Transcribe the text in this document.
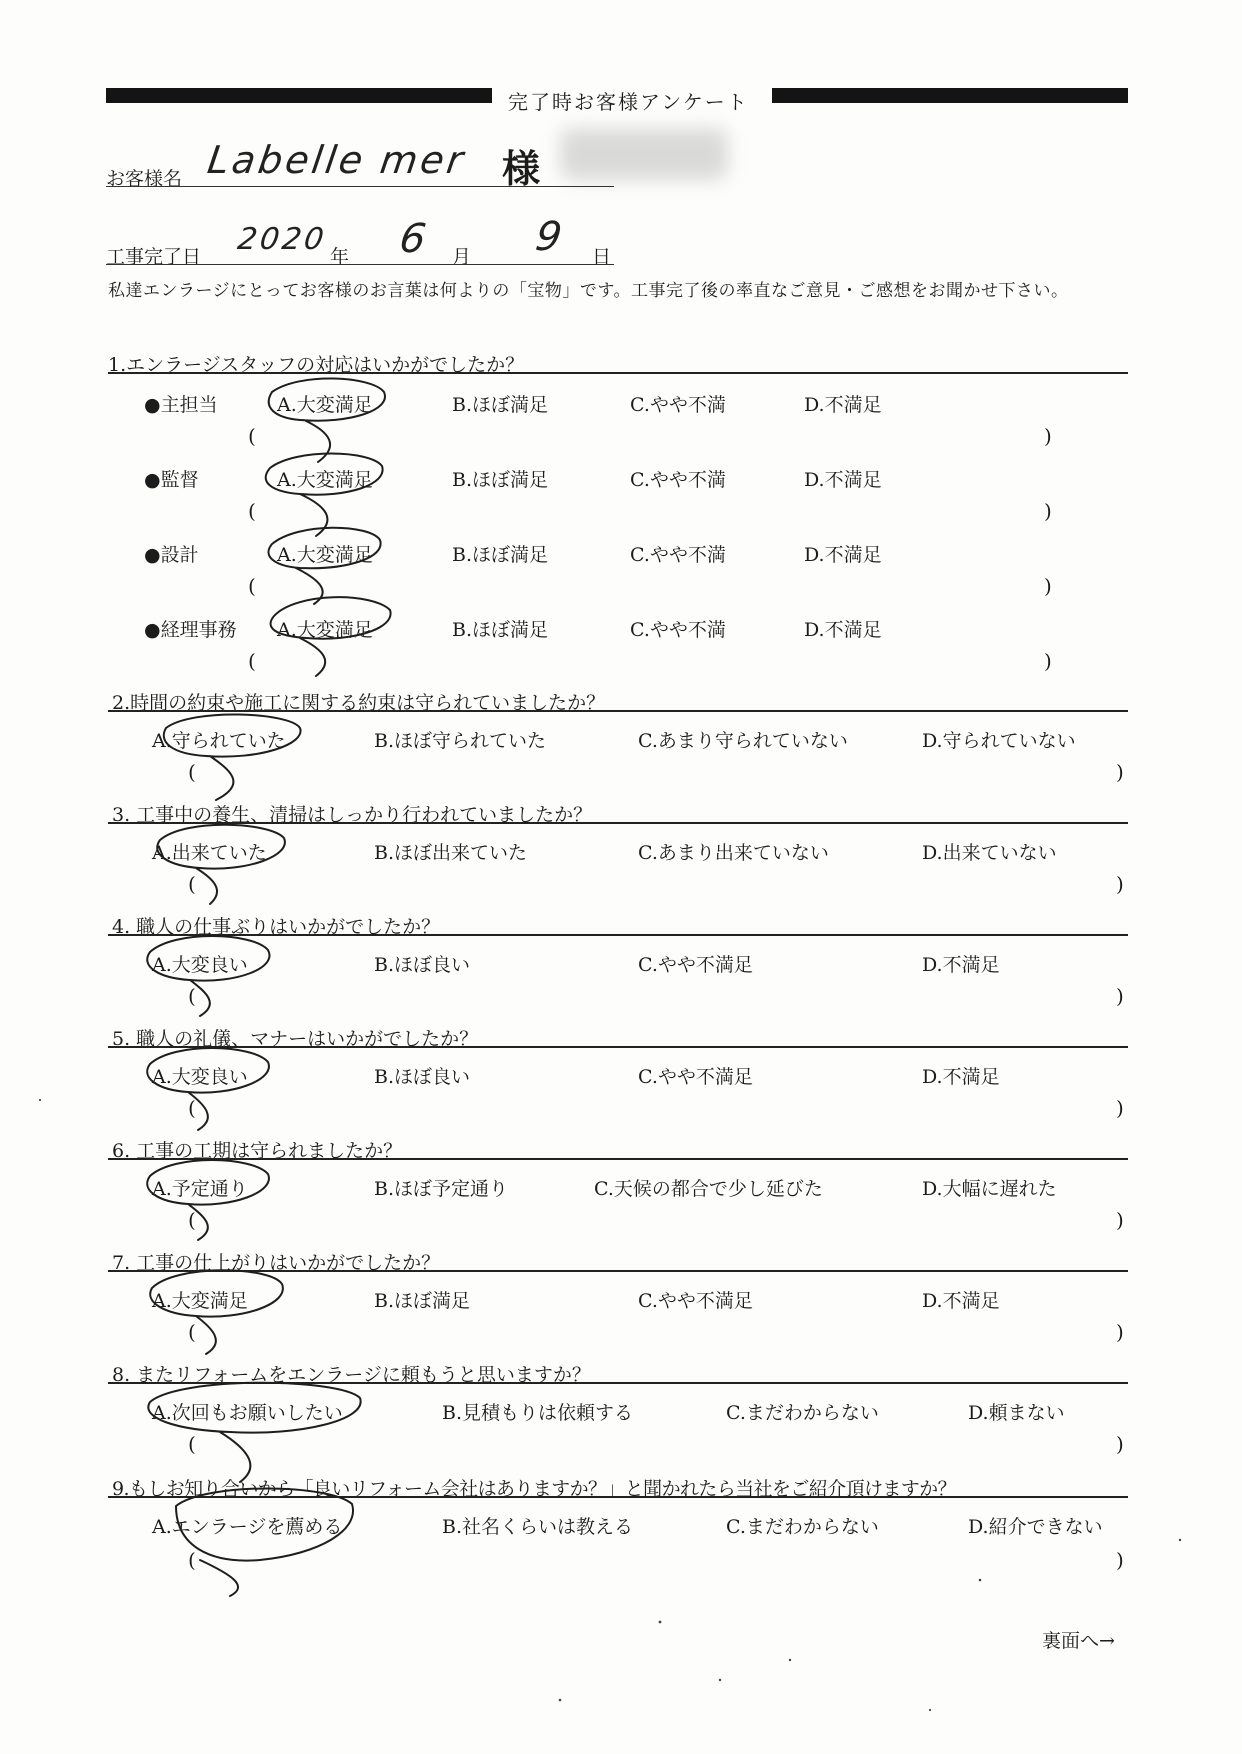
完了時お客様アンケート
お客様名 Labelle mer 様
工事完了日 2020 年 6 月 9 日
私達エンラージにとってお客様のお言葉は何よりの「宝物」です。工事完了後の率直なご意見・ご感想をお聞かせ下さい。
1.エンラージスタッフの対応はいかがでしたか？
●主担当	A.大変満足	B.ほぼ満足	C.やや不満	D.不満足
(	)
●監督	A.大変満足	B.ほぼ満足	C.やや不満	D.不満足
(	)
●設計	A.大変満足	B.ほぼ満足	C.やや不満	D.不満足
(	)
●経理事務 A.大変満足	B.ほぼ満足	C.やや不満	D.不満足
(	)
2.時間の約束や施工に関する約束は守られていましたか？
A.守られていた	B.ほぼ守られていた	C.あまり守られていない	D.守られていない
(	)
3. 工事中の養生、清掃はしっかり行われていましたか？
A.出来ていた	B.ほぼ出来ていた	C.あまり出来ていない	D.出来ていない
(	)
4. 職人の仕事ぶりはいかがでしたか？
A.大変良い	B.ほぼ良い	C.やや不満足	D.不満足
(	)
5. 職人の礼儀、マナーはいかがでしたか？
A.大変良い	B.ほぼ良い	C.やや不満足	D.不満足
(	)
6. 工事の工期は守られましたか？
A.予定通り	B.ほぼ予定通り	C.天候の都合で少し延びた	D.大幅に遅れた
(	)
7. 工事の仕上がりはいかがでしたか？
A.大変満足	B.ほぼ満足	C.やや不満足	D.不満足
(	)
8. またリフォームをエンラージに頼もうと思いますか？
A.次回もお願いしたい	B.見積もりは依頼する	C.まだわからない	D.頼まない
(	)
9.もしお知り合いから「良いリフォーム会社はありますか？」と聞かれたら当社をご紹介頂けますか？
A.エンラージを薦める	B.社名くらいは教える	C.まだわからない	D.紹介できない
(	)
裏面へ→
